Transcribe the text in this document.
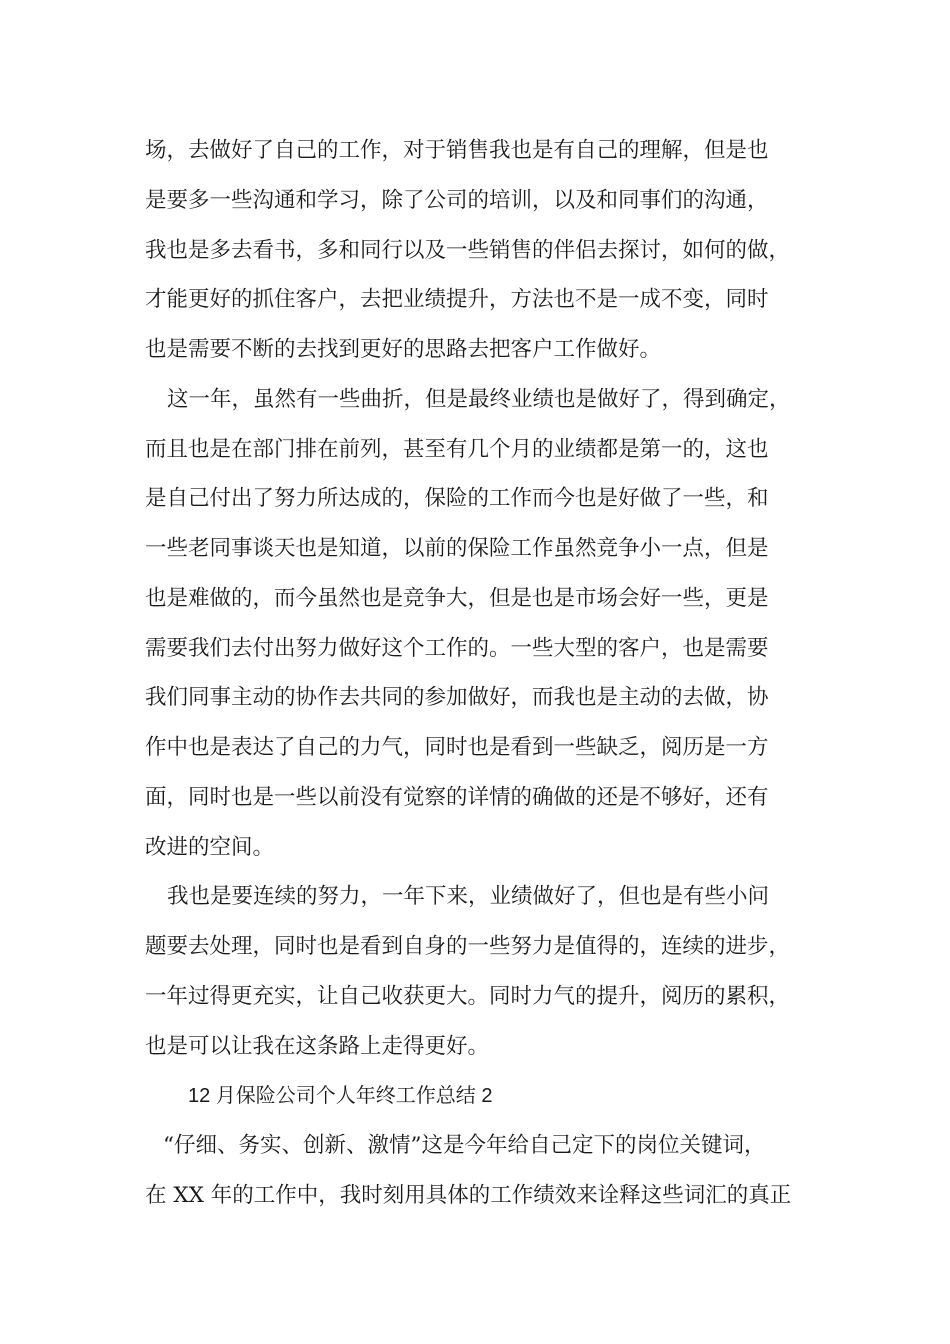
场，去做好了自己的工作，对于销售我也是有自己的理解，但是也
是要多一些沟通和学习，除了公司的培训，以及和同事们的沟通，
我也是多去看书，多和同行以及一些销售的伴侣去探讨，如何的做，
才能更好的抓住客户，去把业绩提升，方法也不是一成不变，同时
也是需要不断的去找到更好的思路去把客户工作做好。
这一年，虽然有一些曲折，但是最终业绩也是做好了，得到确定，
而且也是在部门排在前列，甚至有几个月的业绩都是第一的，这也
是自己付出了努力所达成的，保险的工作而今也是好做了一些，和
一些老同事谈天也是知道，以前的保险工作虽然竞争小一点，但是
也是难做的，而今虽然也是竞争大，但是也是市场会好一些，更是
需要我们去付出努力做好这个工作的。一些大型的客户，也是需要
我们同事主动的协作去共同的参加做好，而我也是主动的去做，协
作中也是表达了自己的力气，同时也是看到一些缺乏，阅历是一方
面，同时也是一些以前没有觉察的详情的确做的还是不够好，还有
改进的空间。
我也是要连续的努力，一年下来，业绩做好了，但也是有些小问
题要去处理，同时也是看到自身的一些努力是值得的，连续的进步，
一年过得更充实，让自己收获更大。同时力气的提升，阅历的累积，
也是可以让我在这条路上走得更好。
12 月保险公司个人年终工作总结 2
“仔细、务实、创新、激情”这是今年给自己定下的岗位关键词，
在 XX 年的工作中，我时刻用具体的工作绩效来诠释这些词汇的真正
